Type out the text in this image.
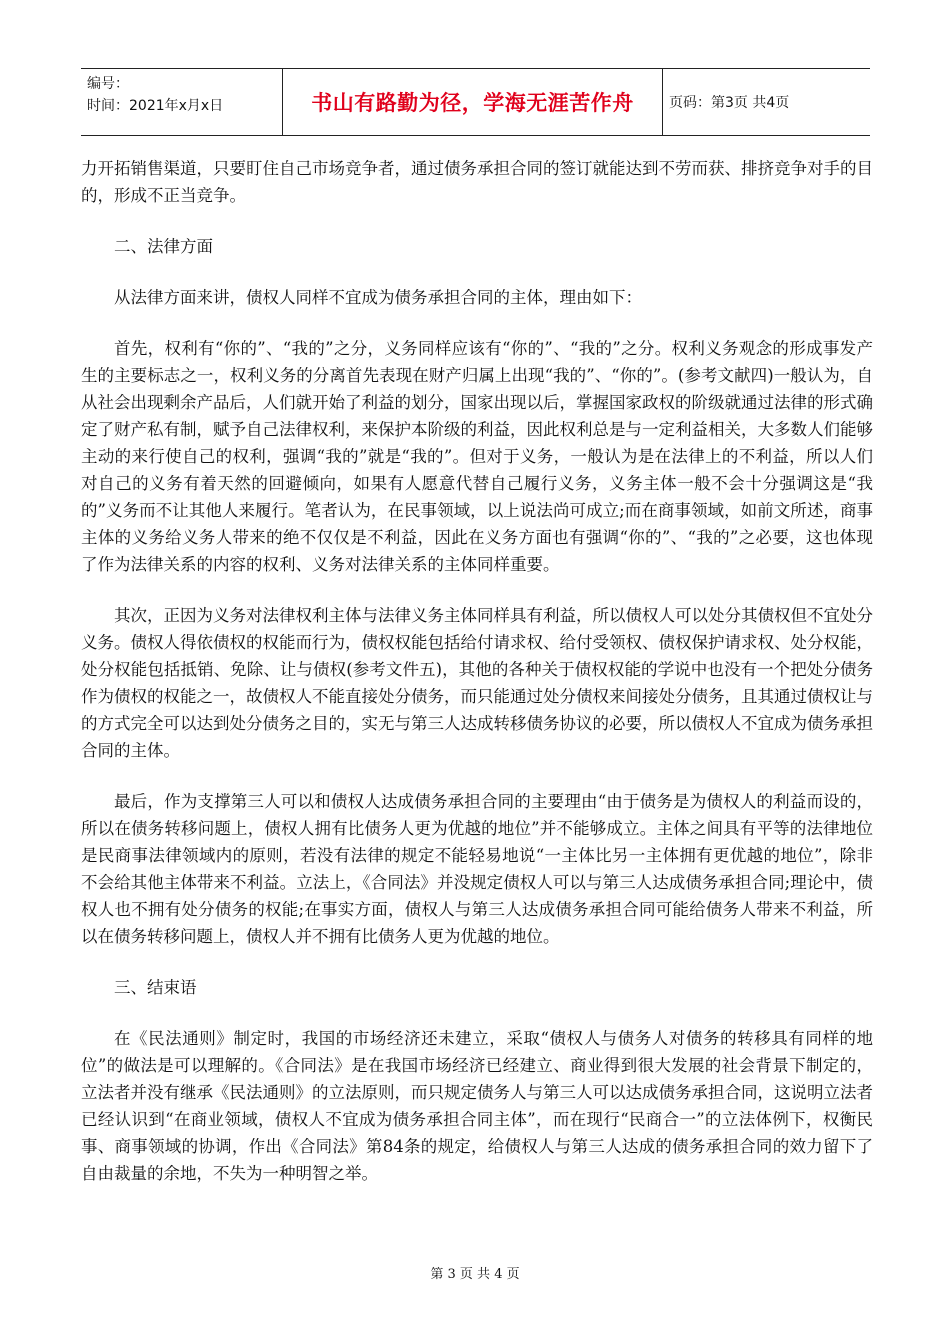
编号：
时间：2021年x月x日	书山有路勤为径，学海无涯苦作舟	页码：第3页 共4页

力开拓销售渠道，只要盯住自己市场竞争者，通过债务承担合同的签订就能达到不劳而获、排挤竞争对手的目的，形成不正当竞争。

二、法律方面

从法律方面来讲，债权人同样不宜成为债务承担合同的主体，理由如下：

首先，权利有“你的”、“我的”之分，义务同样应该有“你的”、“我的”之分。权利义务观念的形成事发产生的主要标志之一，权利义务的分离首先表现在财产归属上出现“我的”、“你的”。(参考文献四)一般认为，自从社会出现剩余产品后，人们就开始了利益的划分，国家出现以后，掌握国家政权的阶级就通过法律的形式确定了财产私有制，赋予自己法律权利，来保护本阶级的利益，因此权利总是与一定利益相关，大多数人们能够主动的来行使自己的权利，强调“我的”就是“我的”。但对于义务，一般认为是在法律上的不利益，所以人们对自己的义务有着天然的回避倾向，如果有人愿意代替自己履行义务，义务主体一般不会十分强调这是“我的”义务而不让其他人来履行。笔者认为，在民事领域，以上说法尚可成立;而在商事领域，如前文所述，商事主体的义务给义务人带来的绝不仅仅是不利益，因此在义务方面也有强调“你的”、“我的”之必要，这也体现了作为法律关系的内容的权利、义务对法律关系的主体同样重要。

其次，正因为义务对法律权利主体与法律义务主体同样具有利益，所以债权人可以处分其债权但不宜处分义务。债权人得依债权的权能而行为，债权权能包括给付请求权、给付受领权、债权保护请求权、处分权能，处分权能包括抵销、免除、让与债权(参考文件五)，其他的各种关于债权权能的学说中也没有一个把处分债务作为债权的权能之一，故债权人不能直接处分债务，而只能通过处分债权来间接处分债务，且其通过债权让与的方式完全可以达到处分债务之目的，实无与第三人达成转移债务协议的必要，所以债权人不宜成为债务承担合同的主体。

最后，作为支撑第三人可以和债权人达成债务承担合同的主要理由“由于债务是为债权人的利益而设的，所以在债务转移问题上，债权人拥有比债务人更为优越的地位”并不能够成立。主体之间具有平等的法律地位是民商事法律领域内的原则，若没有法律的规定不能轻易地说“一主体比另一主体拥有更优越的地位”，除非不会给其他主体带来不利益。立法上，《合同法》并没规定债权人可以与第三人达成债务承担合同;理论中，债权人也不拥有处分债务的权能;在事实方面，债权人与第三人达成债务承担合同可能给债务人带来不利益，所以在债务转移问题上，债权人并不拥有比债务人更为优越的地位。

三、结束语

在《民法通则》制定时，我国的市场经济还未建立，采取“债权人与债务人对债务的转移具有同样的地位”的做法是可以理解的。《合同法》是在我国市场经济已经建立、商业得到很大发展的社会背景下制定的，立法者并没有继承《民法通则》的立法原则，而只规定债务人与第三人可以达成债务承担合同，这说明立法者已经认识到“在商业领域，债权人不宜成为债务承担合同主体”，而在现行“民商合一”的立法体例下，权衡民事、商事领域的协调，作出《合同法》第84条的规定，给债权人与第三人达成的债务承担合同的效力留下了自由裁量的余地，不失为一种明智之举。

第 3 页 共 4 页
